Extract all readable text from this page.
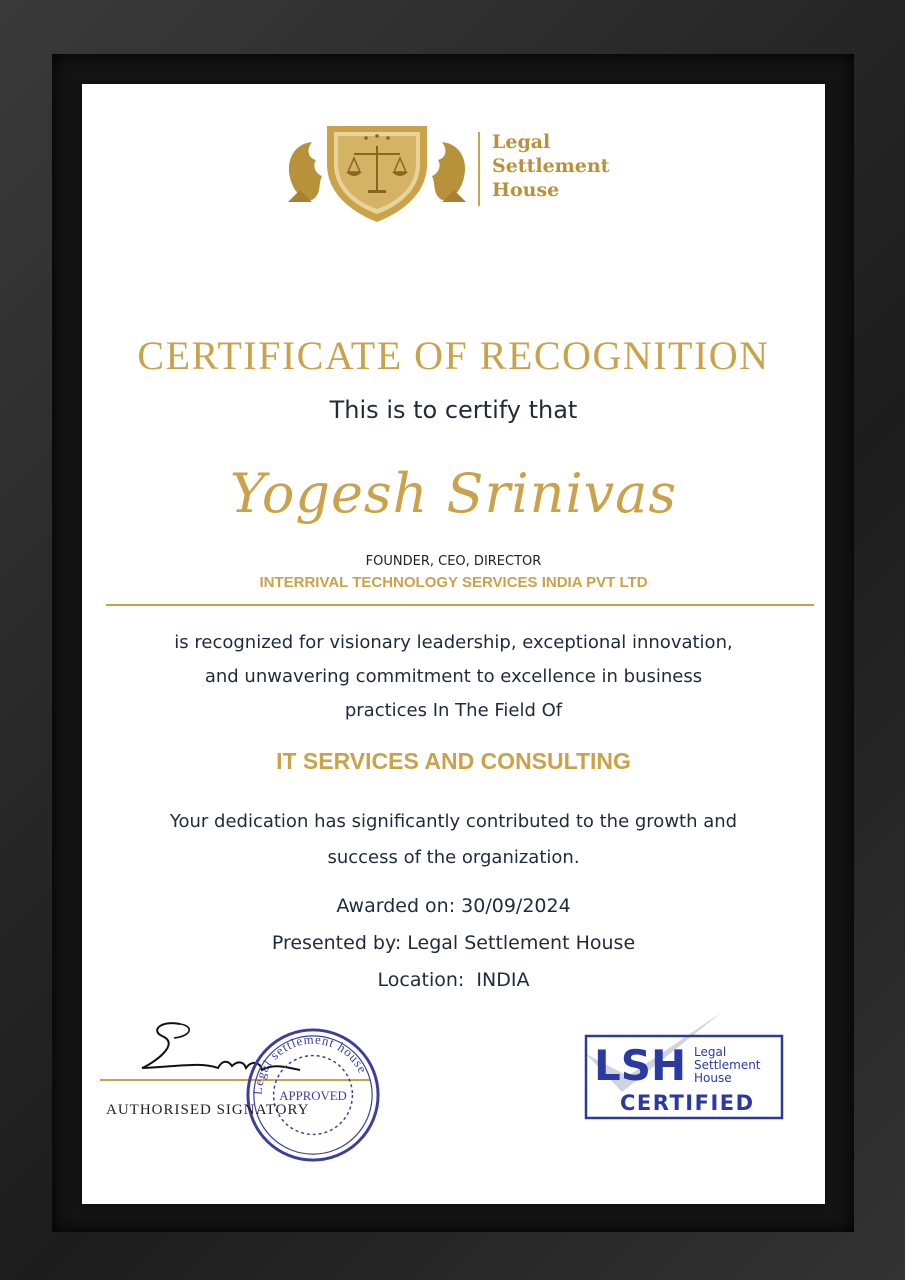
Legal
Settlement
House
CERTIFICATE OF RECOGNITION
This is to certify that
Yogesh Srinivas
FOUNDER, CEO, DIRECTOR
INTERRIVAL TECHNOLOGY SERVICES INDIA PVT LTD
is recognized for visionary leadership, exceptional innovation,
and unwavering commitment to excellence in business
practices In The Field Of
IT SERVICES AND CONSULTING
Your dedication has significantly contributed to the growth and
success of the organization.
Awarded on: 30/09/2024
Presented by: Legal Settlement House
Location:  INDIA
Legal settlement house
APPROVED
AUTHORISED SIGNATORY
LSH Legal
Settlement
House
CERTIFIED
